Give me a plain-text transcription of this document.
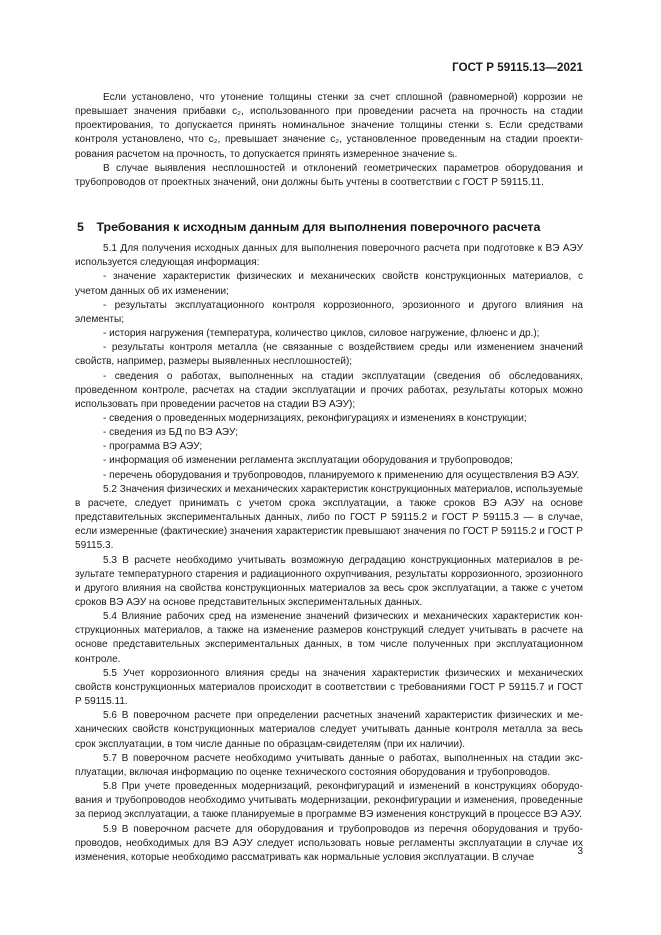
ГОСТ Р 59115.13—2021

Если установлено, что утонение толщины стенки за счет сплошной (равномерной) коррозии не превышает значения прибавки c₂, использованного при проведении расчета на прочность на стадии проектирования, то допускается принять номинальное значение толщины стенки s. Если средствами контроля установлено, что c₂, превышает значение c₂, установленное проведенным на стадии проектирования расчетом на прочность, то допускается принять измеренное значение sᵢ.

В случае выявления несплошностей и отклонений геометрических параметров оборудования и трубопроводов от проектных значений, они должны быть учтены в соответствии с ГОСТ Р 59115.11.

5 Требования к исходным данным для выполнения поверочного расчета

5.1 Для получения исходных данных для выполнения поверочного расчета при подготовке к ВЭ АЭУ используется следующая информация:

- значение характеристик физических и механических свойств конструкционных материалов, с учетом данных об их изменении;

- результаты эксплуатационного контроля коррозионного, эрозионного и другого влияния на элементы;

- история нагружения (температура, количество циклов, силовое нагружение, флюенс и др.);

- результаты контроля металла (не связанные с воздействием среды или изменением значений свойств, например, размеры выявленных несплошностей);

- сведения о работах, выполненных на стадии эксплуатации (сведения об обследованиях, проведенном контроле, расчетах на стадии эксплуатации и прочих работах, результаты которых можно использовать при проведении расчетов на стадии ВЭ АЭУ);

- сведения о проведенных модернизациях, реконфигурациях и изменениях в конструкции;

- сведения из БД по ВЭ АЭУ;

- программа ВЭ АЭУ;

- информация об изменении регламента эксплуатации оборудования и трубопроводов;

- перечень оборудования и трубопроводов, планируемого к применению для осуществления ВЭ АЭУ.

5.2 Значения физических и механических характеристик конструкционных материалов, используемые в расчете, следует принимать с учетом срока эксплуатации, а также сроков ВЭ АЭУ на основе представительных экспериментальных данных, либо по ГОСТ Р 59115.2 и ГОСТ Р 59115.3 — в случае, если измеренные (фактические) значения характеристик превышают значения по ГОСТ Р 59115.2 и ГОСТ Р 59115.3.

5.3 В расчете необходимо учитывать возможную деградацию конструкционных материалов в результате температурного старения и радиационного охрупчивания, результаты коррозионного, эрозионного и другого влияния на свойства конструкционных материалов за весь срок эксплуатации, а также с учетом сроков ВЭ АЭУ на основе представительных экспериментальных данных.

5.4 Влияние рабочих сред на изменение значений физических и механических характеристик конструкционных материалов, а также на изменение размеров конструкций следует учитывать в расчете на основе представительных экспериментальных данных, в том числе полученных при эксплуатационном контроле.

5.5 Учет коррозионного влияния среды на значения характеристик физических и механических свойств конструкционных материалов происходит в соответствии с требованиями ГОСТ Р 59115.7 и ГОСТ Р 59115.11.

5.6 В поверочном расчете при определении расчетных значений характеристик физических и механических свойств конструкционных материалов следует учитывать данные контроля металла за весь срок эксплуатации, в том числе данные по образцам-свидетелям (при их наличии).

5.7 В поверочном расчете необходимо учитывать данные о работах, выполненных на стадии эксплуатации, включая информацию по оценке технического состояния оборудования и трубопроводов.

5.8 При учете проведенных модернизаций, реконфигураций и изменений в конструкциях оборудования и трубопроводов необходимо учитывать модернизации, реконфигурации и изменения, проведенные за период эксплуатации, а также планируемые в программе ВЭ изменения конструкций в процессе ВЭ АЭУ.

5.9 В поверочном расчете для оборудования и трубопроводов из перечня оборудования и трубопроводов, необходимых для ВЭ АЭУ следует использовать новые регламенты эксплуатации в случае их изменения, которые необходимо рассматривать как нормальные условия эксплуатации. В случае

3
